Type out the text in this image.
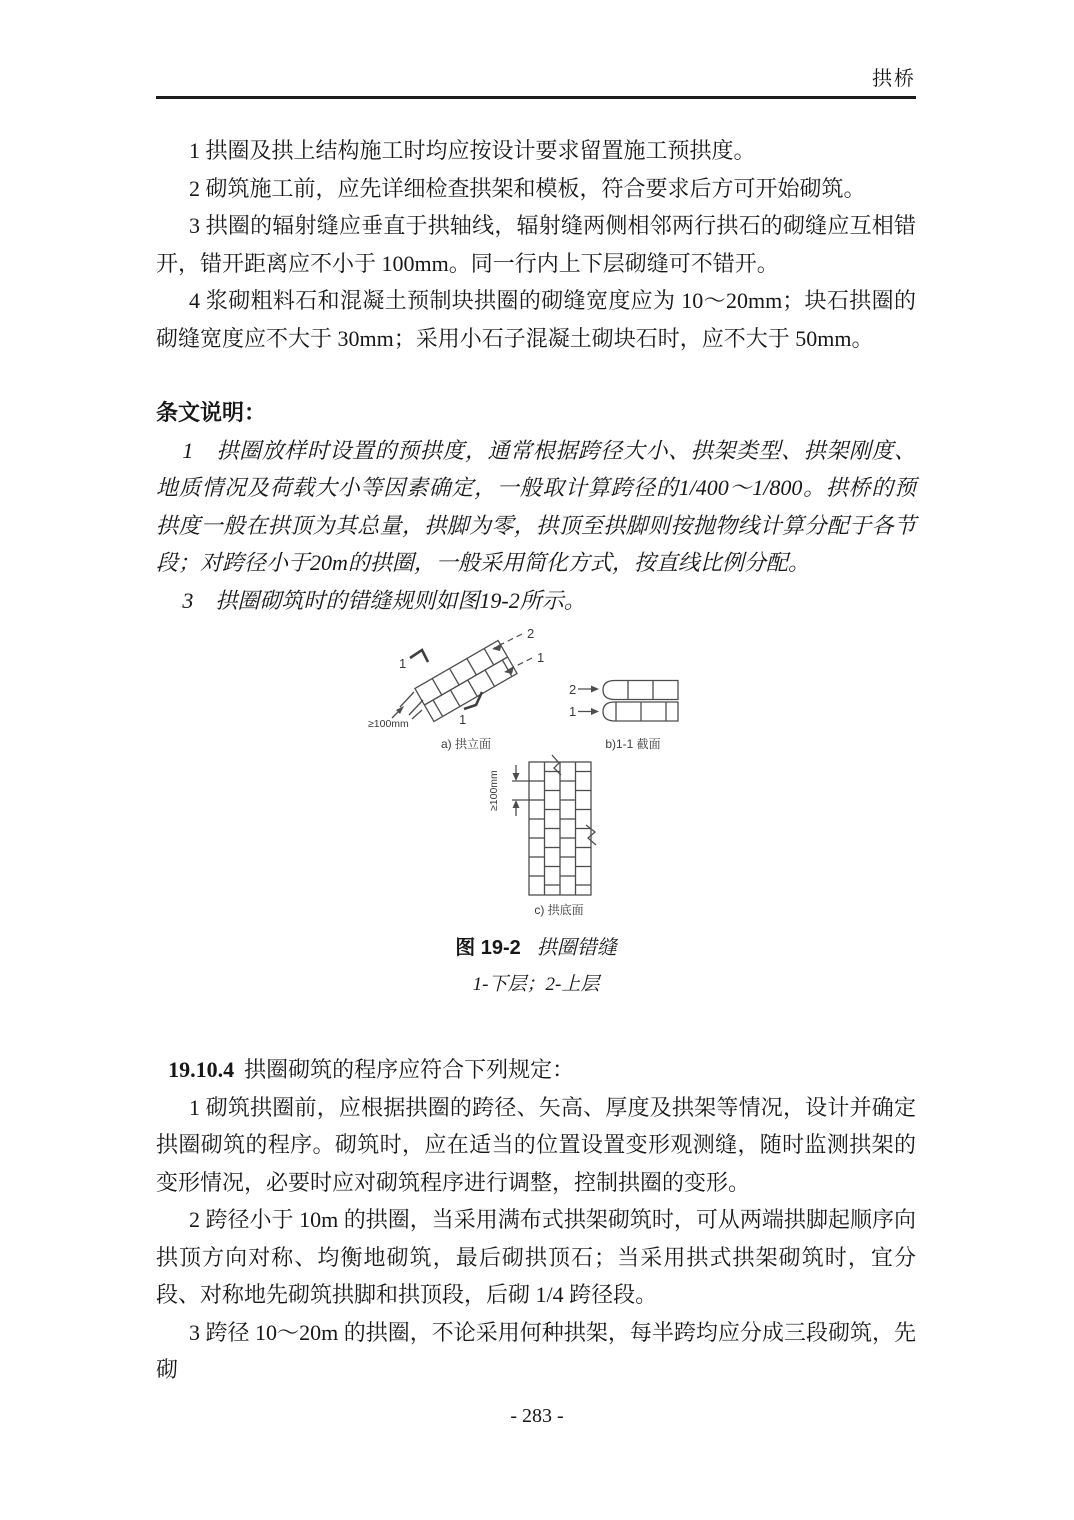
拱桥

1 拱圈及拱上结构施工时均应按设计要求留置施工预拱度。

2 砌筑施工前，应先详细检查拱架和模板，符合要求后方可开始砌筑。

3 拱圈的辐射缝应垂直于拱轴线，辐射缝两侧相邻两行拱石的砌缝应互相错开，错开距离应不小于 100mm。同一行内上下层砌缝可不错开。

4 浆砌粗料石和混凝土预制块拱圈的砌缝宽度应为 10～20mm；块石拱圈的砌缝宽度应不大于 30mm；采用小石子混凝土砌块石时，应不大于 50mm。

条文说明：

1　拱圈放样时设置的预拱度，通常根据跨径大小、拱架类型、拱架刚度、地质情况及荷载大小等因素确定，一般取计算跨径的1/400～1/800。拱桥的预拱度一般在拱顶为其总量，拱脚为零，拱顶至拱脚则按抛物线计算分配于各节段；对跨径小于20m的拱圈，一般采用简化方式，按直线比例分配。

3　拱圈砌筑时的错缝规则如图19-2所示。

1
1
2
1
≥100mm
a) 拱立面
2
1
b)1-1 截面
≥100mm
c) 拱底面

图 19-2 拱圈错缝

1-下层；2-上层

19.10.4 拱圈砌筑的程序应符合下列规定：

1 砌筑拱圈前，应根据拱圈的跨径、矢高、厚度及拱架等情况，设计并确定拱圈砌筑的程序。砌筑时，应在适当的位置设置变形观测缝，随时监测拱架的变形情况，必要时应对砌筑程序进行调整，控制拱圈的变形。

2 跨径小于 10m 的拱圈，当采用满布式拱架砌筑时，可从两端拱脚起顺序向拱顶方向对称、均衡地砌筑，最后砌拱顶石；当采用拱式拱架砌筑时，宜分段、对称地先砌筑拱脚和拱顶段，后砌 1/4 跨径段。

3 跨径 10～20m 的拱圈，不论采用何种拱架，每半跨均应分成三段砌筑，先砌

- 283 -
